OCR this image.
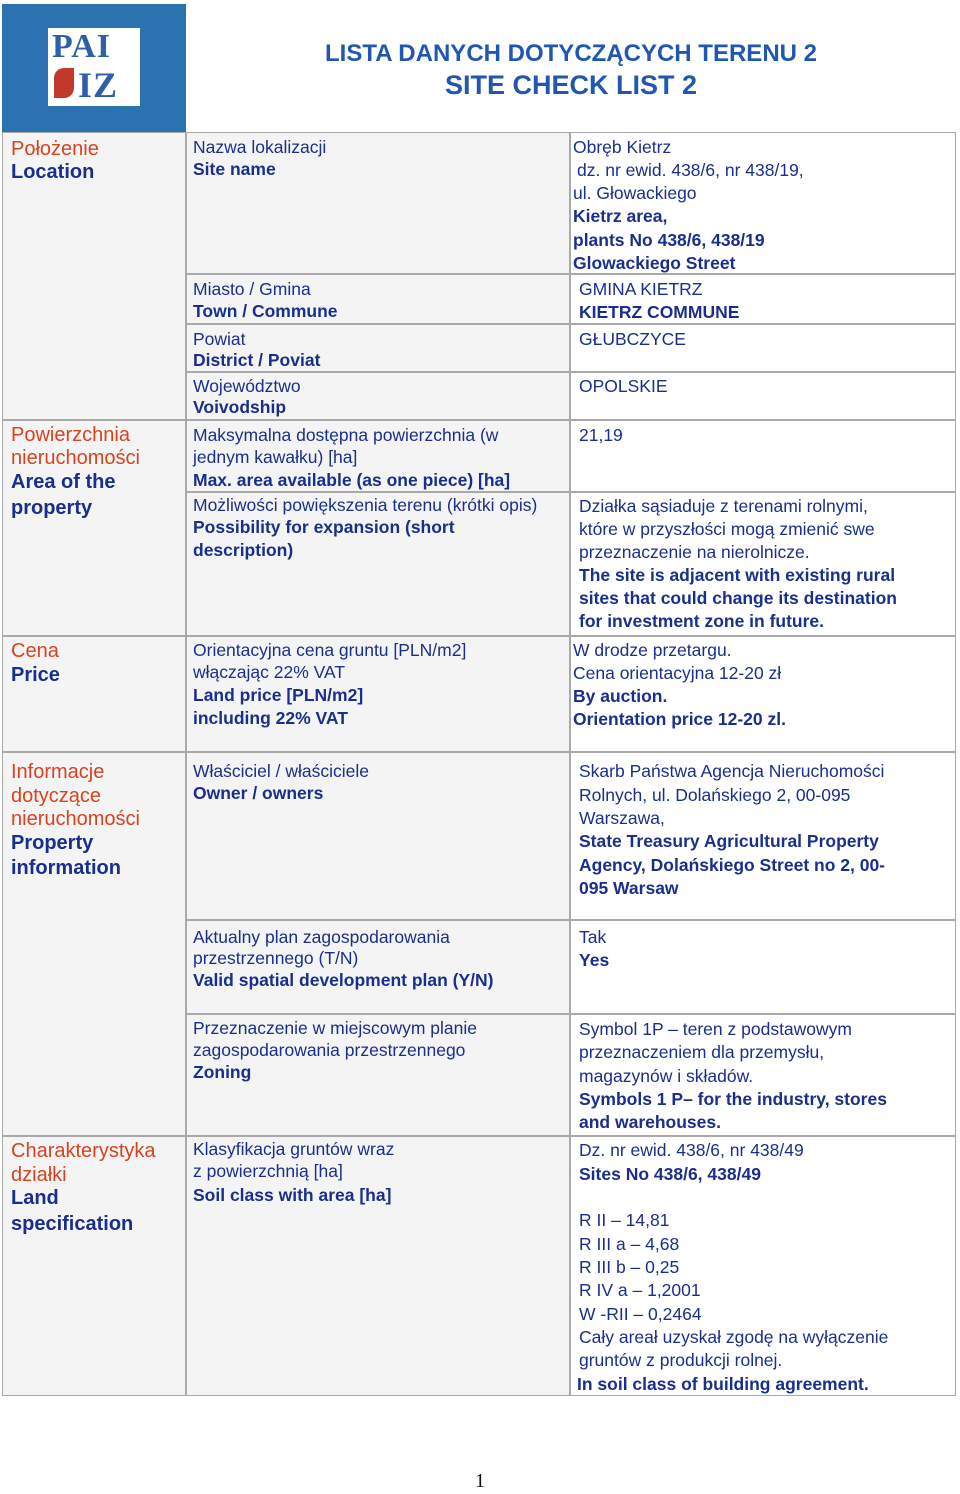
PAI
IZ
LISTA DANYCH DOTYCZĄCYCH TERENU 2
SITE CHECK LIST 2
Położenie
Location
Powierzchnia
nieruchomości
Area of the
property
Cena
Price
Informacje
dotyczące
nieruchomości
Property
information
Charakterystyka
działki
Land
specification
Nazwa lokalizacji
Site name
Miasto / Gmina
Town / Commune
Powiat
District / Poviat
Województwo
Voivodship
Maksymalna dostępna powierzchnia (w
jednym kawałku) [ha]
Max. area available (as one piece) [ha]
Możliwości powiększenia terenu (krótki opis)
Possibility for expansion (short
description)
Orientacyjna cena gruntu [PLN/m2]
włączając 22% VAT
Land price [PLN/m2]
including 22% VAT
Właściciel / właściciele
Owner / owners
Aktualny plan zagospodarowania
przestrzennego (T/N)
Valid spatial development plan (Y/N)
Przeznaczenie w miejscowym planie
zagospodarowania przestrzennego
Zoning
Klasyfikacja gruntów wraz
z powierzchnią [ha]
Soil class with area [ha]
Obręb Kietrz
dz. nr ewid. 438/6, nr 438/19,
ul. Głowackiego
Kietrz area,
plants No 438/6, 438/19
Glowackiego Street
GMINA KIETRZ
KIETRZ COMMUNE
GŁUBCZYCE
OPOLSKIE
21,19
Działka sąsiaduje z terenami rolnymi,
które w przyszłości mogą zmienić swe
przeznaczenie na nierolnicze.
The site is adjacent with existing rural
sites that could change its destination
for investment zone in future.
W drodze przetargu.
Cena orientacyjna 12-20 zł
By auction.
Orientation price 12-20 zl.
Skarb Państwa Agencja Nieruchomości
Rolnych, ul. Dolańskiego 2, 00-095
Warszawa,
State Treasury Agricultural Property
Agency, Dolańskiego Street no 2, 00-
095 Warsaw
Tak
Yes
Symbol 1P – teren z podstawowym
przeznaczeniem dla przemysłu,
magazynów i składów.
Symbols 1 P– for the industry, stores
and warehouses.
Dz. nr ewid. 438/6, nr 438/49
Sites No 438/6, 438/49
R II – 14,81
R III a – 4,68
R III b – 0,25
R IV a – 1,2001
W -RII – 0,2464
Cały areał uzyskał zgodę na wyłączenie
gruntów z produkcji rolnej.
In soil class of building agreement.
1
